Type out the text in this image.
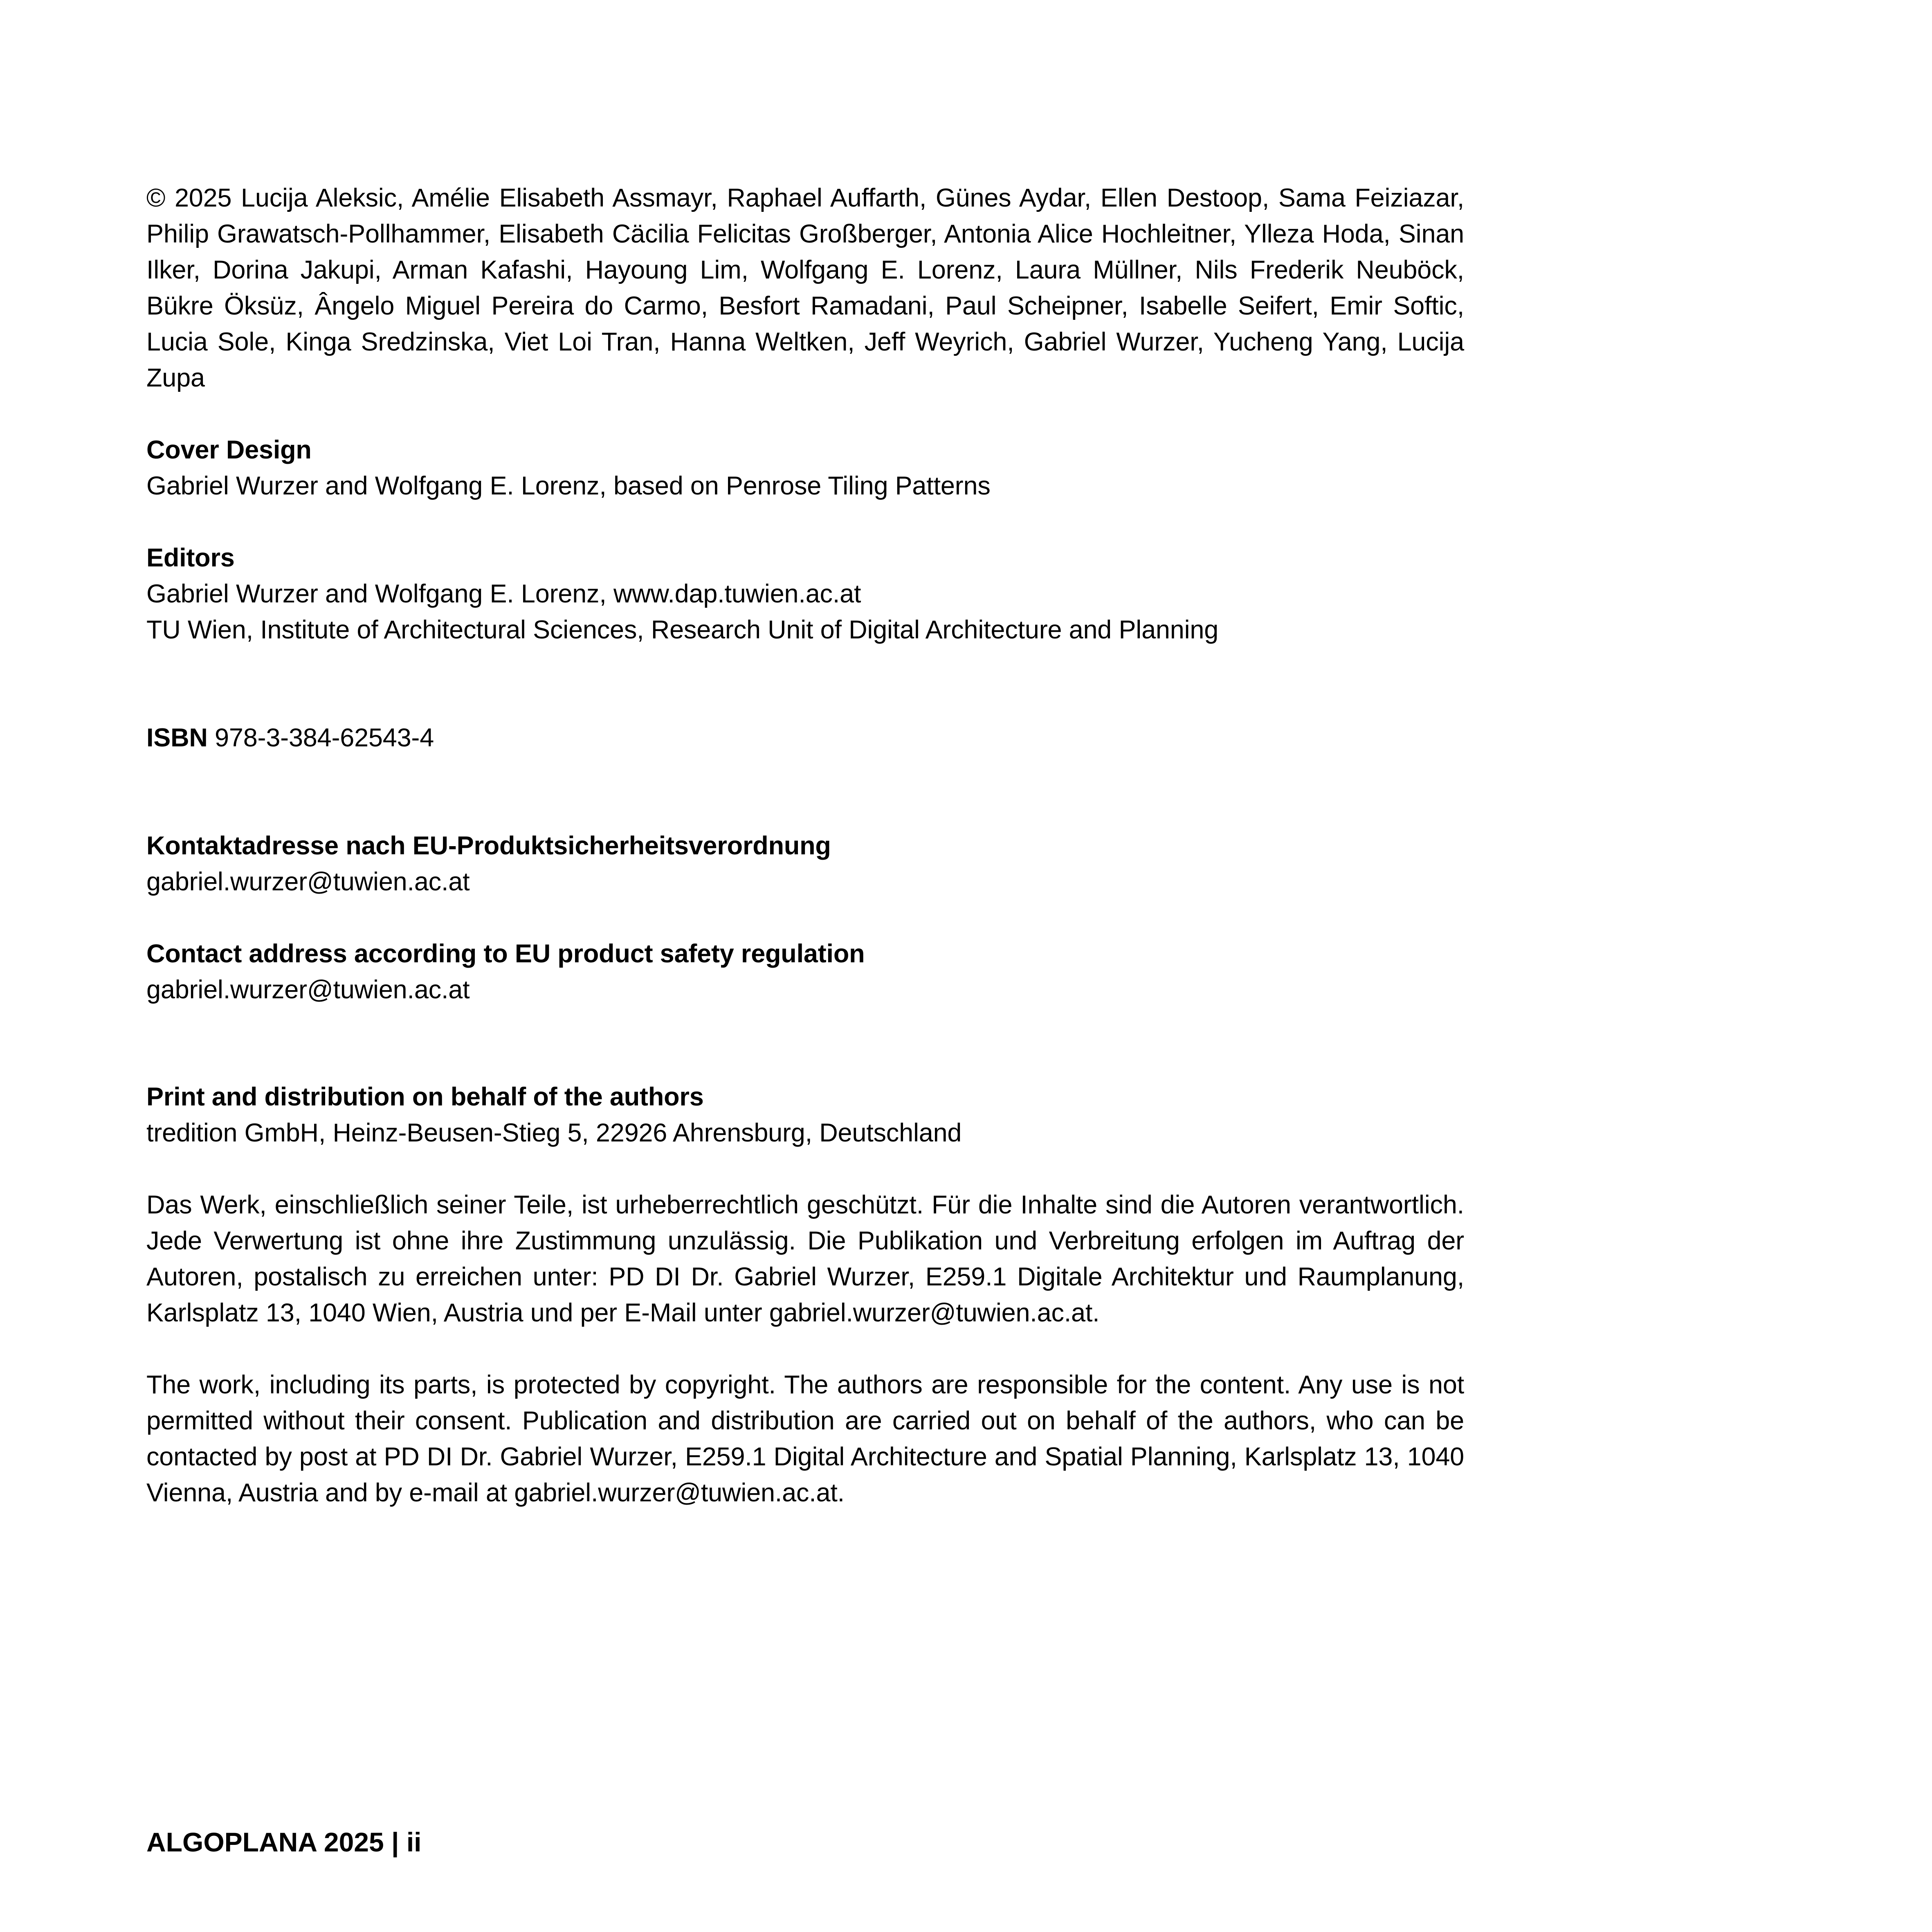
© 2025 Lucija Aleksic, Amélie Elisabeth Assmayr, Raphael Auffarth, Günes Aydar, Ellen Destoop, Sama Feiziazar, Philip Grawatsch-Pollhammer, Elisabeth Cäcilia Felicitas Großberger, Antonia Alice Hochleitner, Ylleza Hoda, Sinan Ilker, Dorina Jakupi, Arman Kafashi, Hayoung Lim, Wolfgang E. Lorenz, Laura Müllner, Nils Frederik Neuböck, Bükre Öksüz, Ângelo Miguel Pereira do Carmo, Besfort Ramadani, Paul Scheipner, Isabelle Seifert, Emir Softic, Lucia Sole, Kinga Sredzinska, Viet Loi Tran, Hanna Weltken, Jeff Weyrich, Gabriel Wurzer, Yucheng Yang, Lucija Zupa

Cover Design

Gabriel Wurzer and Wolfgang E. Lorenz, based on Penrose Tiling Patterns

Editors

Gabriel Wurzer and Wolfgang E. Lorenz, www.dap.tuwien.ac.at

TU Wien, Institute of Architectural Sciences, Research Unit of Digital Architecture and Planning

ISBN 978-3-384-62543-4

Kontaktadresse nach EU-Produktsicherheitsverordnung

gabriel.wurzer@tuwien.ac.at

Contact address according to EU product safety regulation

gabriel.wurzer@tuwien.ac.at

Print and distribution on behalf of the authors

tredition GmbH, Heinz-Beusen-Stieg 5, 22926 Ahrensburg, Deutschland

Das Werk, einschließlich seiner Teile, ist urheberrechtlich geschützt. Für die Inhalte sind die Autoren verantwortlich. Jede Verwertung ist ohne ihre Zustimmung unzulässig. Die Publikation und Verbreitung erfolgen im Auftrag der Autoren, postalisch zu erreichen unter: PD DI Dr. Gabriel Wurzer, E259.1 Digitale Architektur und Raumplanung, Karlsplatz 13, 1040 Wien, Austria und per E-Mail unter gabriel.wurzer@tuwien.ac.at.

The work, including its parts, is protected by copyright. The authors are responsible for the content. Any use is not permitted without their consent. Publication and distribution are carried out on behalf of the authors, who can be contacted by post at PD DI Dr. Gabriel Wurzer, E259.1 Digital Architecture and Spatial Planning, Karlsplatz 13, 1040 Vienna, Austria and by e-mail at gabriel.wurzer@tuwien.ac.at.

ALGOPLANA 2025 | ii
